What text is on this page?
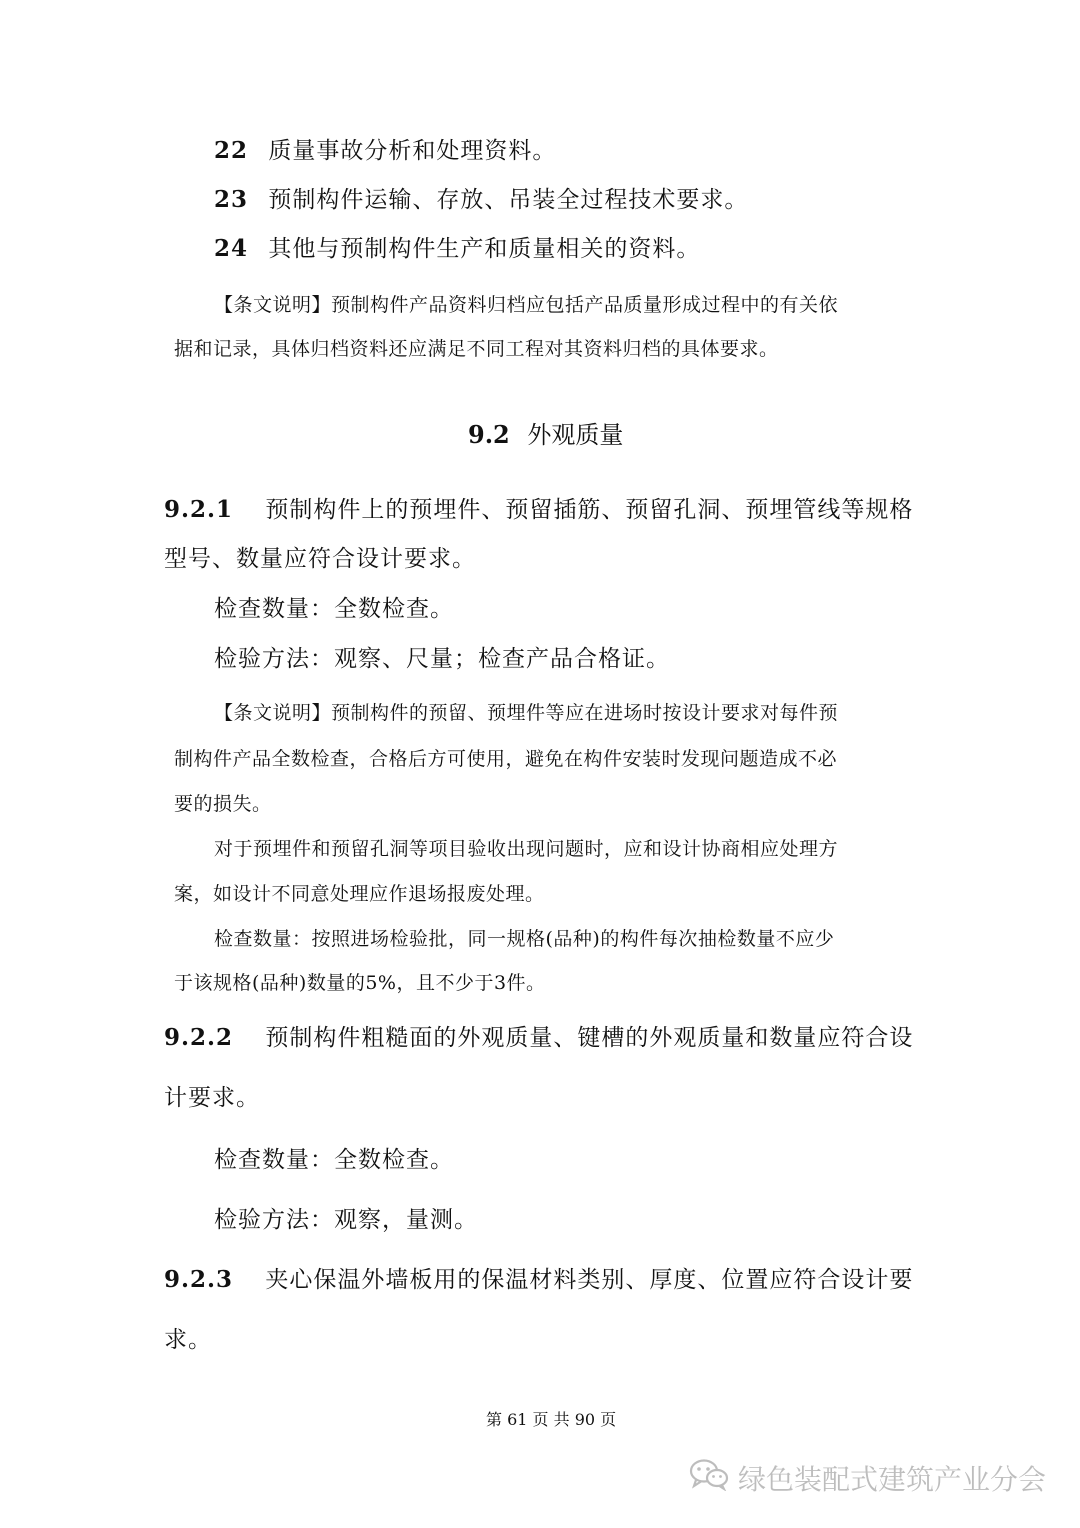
22 质量事故分析和处理资料。
23 预制构件运输、存放、吊装全过程技术要求。
24 其他与预制构件生产和质量相关的资料。
【条文说明】预制构件产品资料归档应包括产品质量形成过程中的有关依
据和记录，具体归档资料还应满足不同工程对其资料归档的具体要求。
9.2 外观质量
9.2.1 预制构件上的预埋件、预留插筋、预留孔洞、预埋管线等规格
型号、数量应符合设计要求。
检查数量：全数检查。
检验方法：观察、尺量；检查产品合格证。
【条文说明】预制构件的预留、预埋件等应在进场时按设计要求对每件预
制构件产品全数检查，合格后方可使用，避免在构件安装时发现问题造成不必
要的损失。
对于预埋件和预留孔洞等项目验收出现问题时，应和设计协商相应处理方
案，如设计不同意处理应作退场报废处理。
检查数量：按照进场检验批，同一规格(品种)的构件每次抽检数量不应少
于该规格(品种)数量的5%，且不少于3件。
9.2.2 预制构件粗糙面的外观质量、键槽的外观质量和数量应符合设
计要求。
检查数量：全数检查。
检验方法：观察，量测。
9.2.3 夹心保温外墙板用的保温材料类别、厚度、位置应符合设计要
求。
第 61 页 共 90 页
绿色装配式建筑产业分会
